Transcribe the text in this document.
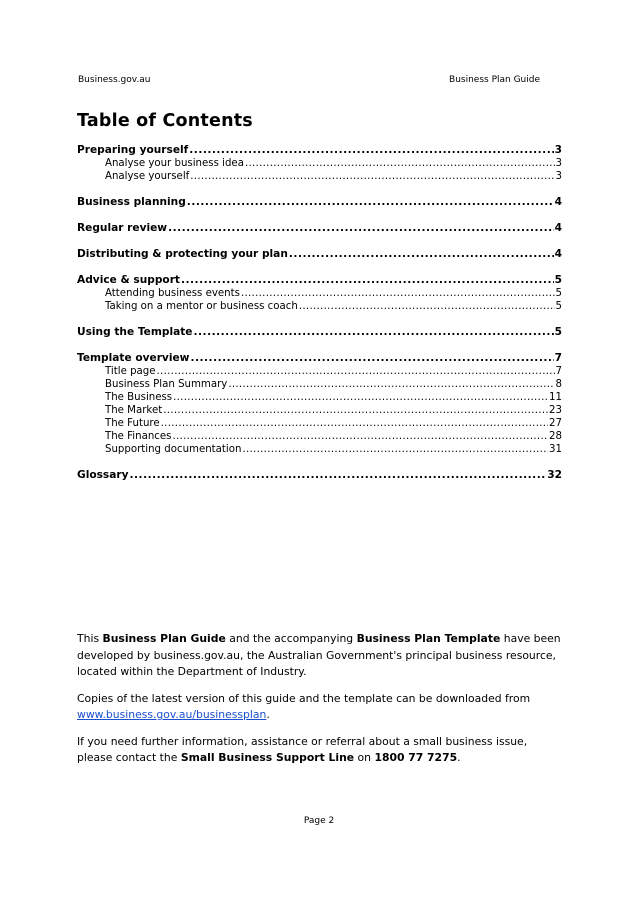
Business.gov.au	Business Plan Guide
Table of Contents
Preparing yourself .....	3
Analyse your business idea .....	3
Analyse yourself .....	3
Business planning .....	4
Regular review .....	4
Distributing & protecting your plan .....	4
Advice & support .....	5
Attending business events .....	5
Taking on a mentor or business coach .....	5
Using the Template .....	5
Template overview .....	7
Title page .....	7
Business Plan Summary .....	8
The Business .....	11
The Market .....	23
The Future .....	27
The Finances .....	28
Supporting documentation .....	31
Glossary .....	32

This Business Plan Guide and the accompanying Business Plan Template have been developed by business.gov.au, the Australian Government's principal business resource, located within the Department of Industry.

Copies of the latest version of this guide and the template can be downloaded from www.business.gov.au/businessplan.

If you need further information, assistance or referral about a small business issue, please contact the Small Business Support Line on 1800 77 7275.

Page 2
